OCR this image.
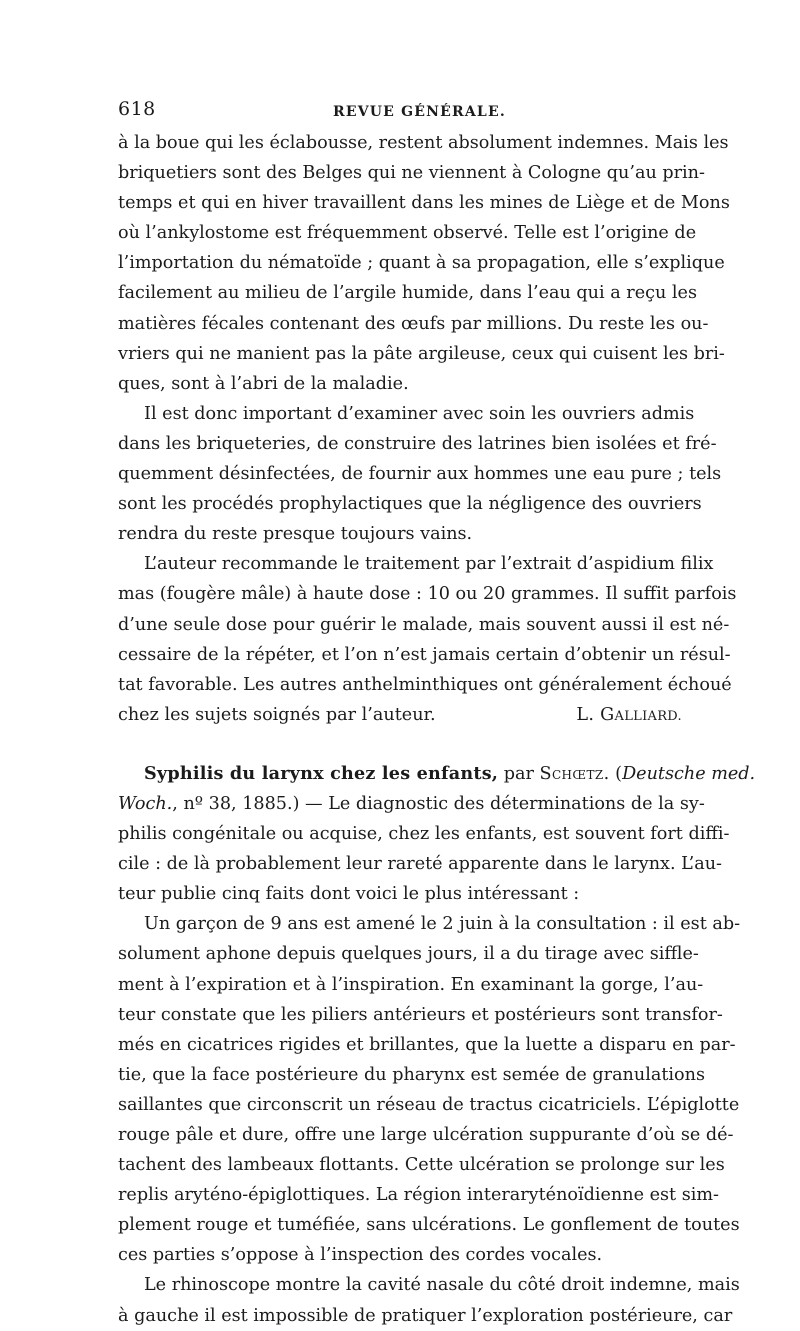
618	REVUE GÉNÉRALE.
à la boue qui les éclabousse, restent absolument indemnes. Mais les
briquetiers sont des Belges qui ne viennent à Cologne qu’au prin-
temps et qui en hiver travaillent dans les mines de Liège et de Mons
où l’ankylostome est fréquemment observé. Telle est l’origine de
l’importation du nématoïde ; quant à sa propagation, elle s’explique
facilement au milieu de l’argile humide, dans l’eau qui a reçu les
matières fécales contenant des œufs par millions. Du reste les ou-
vriers qui ne manient pas la pâte argileuse, ceux qui cuisent les bri-
ques, sont à l’abri de la maladie.
Il est donc important d’examiner avec soin les ouvriers admis
dans les briqueteries, de construire des latrines bien isolées et fré-
quemment désinfectées, de fournir aux hommes une eau pure ; tels
sont les procédés prophylactiques que la négligence des ouvriers
rendra du reste presque toujours vains.
L’auteur recommande le traitement par l’extrait d’aspidium filix
mas (fougère mâle) à haute dose : 10 ou 20 grammes. Il suffit parfois
d’une seule dose pour guérir le malade, mais souvent aussi il est né-
cessaire de la répéter, et l’on n’est jamais certain d’obtenir un résul-
tat favorable. Les autres anthelminthiques ont généralement échoué
chez les sujets soignés par l’auteur.	L. GALLIARD.
Syphilis du larynx chez les enfants, par Schœtz. (Deutsche med.
Woch., nº 38, 1885.) — Le diagnostic des déterminations de la sy-
philis congénitale ou acquise, chez les enfants, est souvent fort diffi-
cile : de là probablement leur rareté apparente dans le larynx. L’au-
teur publie cinq faits dont voici le plus intéressant :
Un garçon de 9 ans est amené le 2 juin à la consultation : il est ab-
solument aphone depuis quelques jours, il a du tirage avec siffle-
ment à l’expiration et à l’inspiration. En examinant la gorge, l’au-
teur constate que les piliers antérieurs et postérieurs sont transfor-
més en cicatrices rigides et brillantes, que la luette a disparu en par-
tie, que la face postérieure du pharynx est semée de granulations
saillantes que circonscrit un réseau de tractus cicatriciels. L’épiglotte
rouge pâle et dure, offre une large ulcération suppurante d’où se dé-
tachent des lambeaux flottants. Cette ulcération se prolonge sur les
replis aryténo-épiglottiques. La région interaryténoïdienne est sim-
plement rouge et tuméfiée, sans ulcérations. Le gonflement de toutes
ces parties s’oppose à l’inspection des cordes vocales.
Le rhinoscope montre la cavité nasale du côté droit indemne, mais
à gauche il est impossible de pratiquer l’exploration postérieure, car
